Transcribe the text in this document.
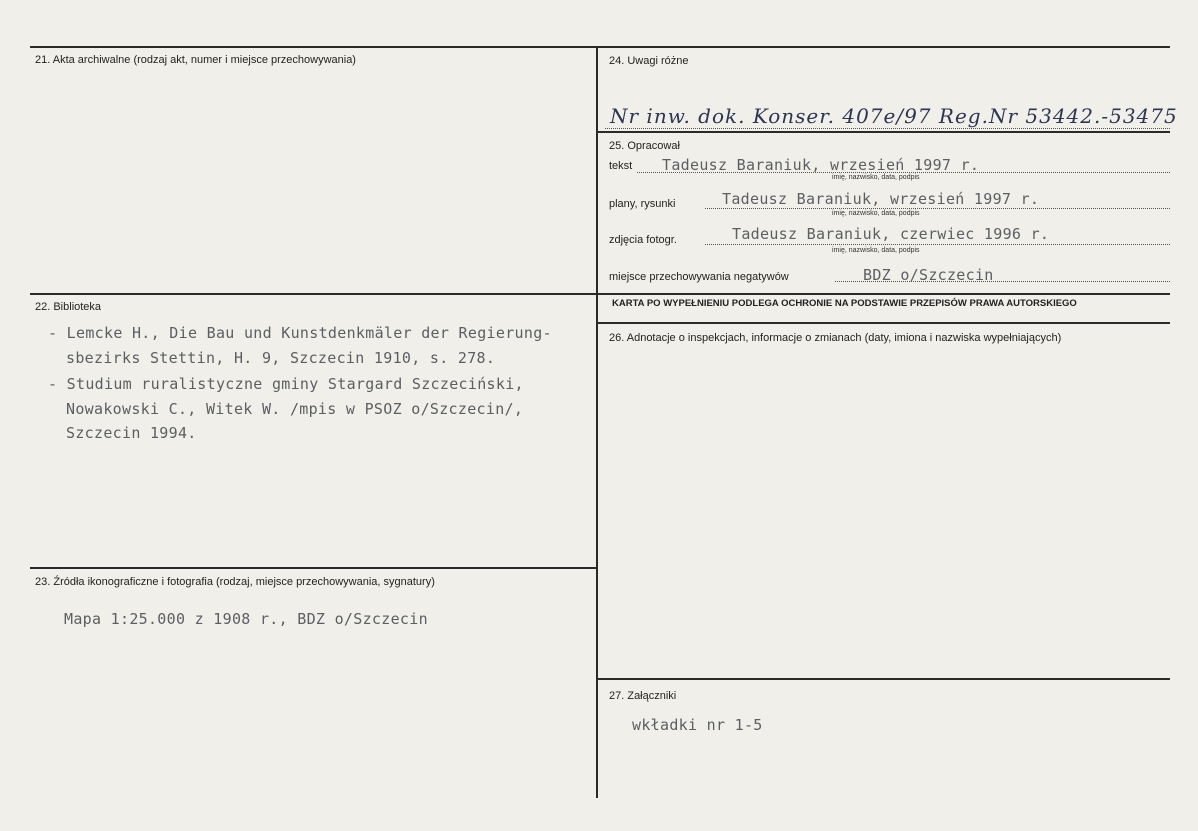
21. Akta archiwalne (rodzaj akt, numer i miejsce przechowywania)	24. Uwagi różne
Nr inw. dok. Konser. 407e/97 Reg.Nr 53442.-53475
25. Opracował
tekst Tadeusz Baraniuk, wrzesień 1997 r.
imię, nazwisko, data, podpis
plany, rysunki	Tadeusz Baraniuk, wrzesień 1997 r.
imię, nazwisko, data, podpis
zdjęcia fotogr.	Tadeusz Baraniuk, czerwiec 1996 r.
imię, nazwisko, data, podpis
miejsce przechowywania negatywów	BDZ o/Szczecin
KARTA PO WYPEŁNIENIU PODLEGA OCHRONIE NA PODSTAWIE PRZEPISÓW PRAWA AUTORSKIEGO
22. Biblioteka
- Lemcke H., Die Bau und Kunstdenkmäler der Regierung-
sbezirks Stettin, H. 9, Szczecin 1910, s. 278.
- Studium ruralistyczne gminy Stargard Szczeciński,
Nowakowski C., Witek W. /mpis w PSOZ o/Szczecin/,
Szczecin 1994.
26. Adnotacje o inspekcjach, informacje o zmianach (daty, imiona i nazwiska wypełniających)
23. Źródła ikonograficzne i fotografia (rodzaj, miejsce przechowywania, sygnatury)
Mapa 1:25.000 z 1908 r., BDZ o/Szczecin
27. Załączniki
wkładki nr 1-5
